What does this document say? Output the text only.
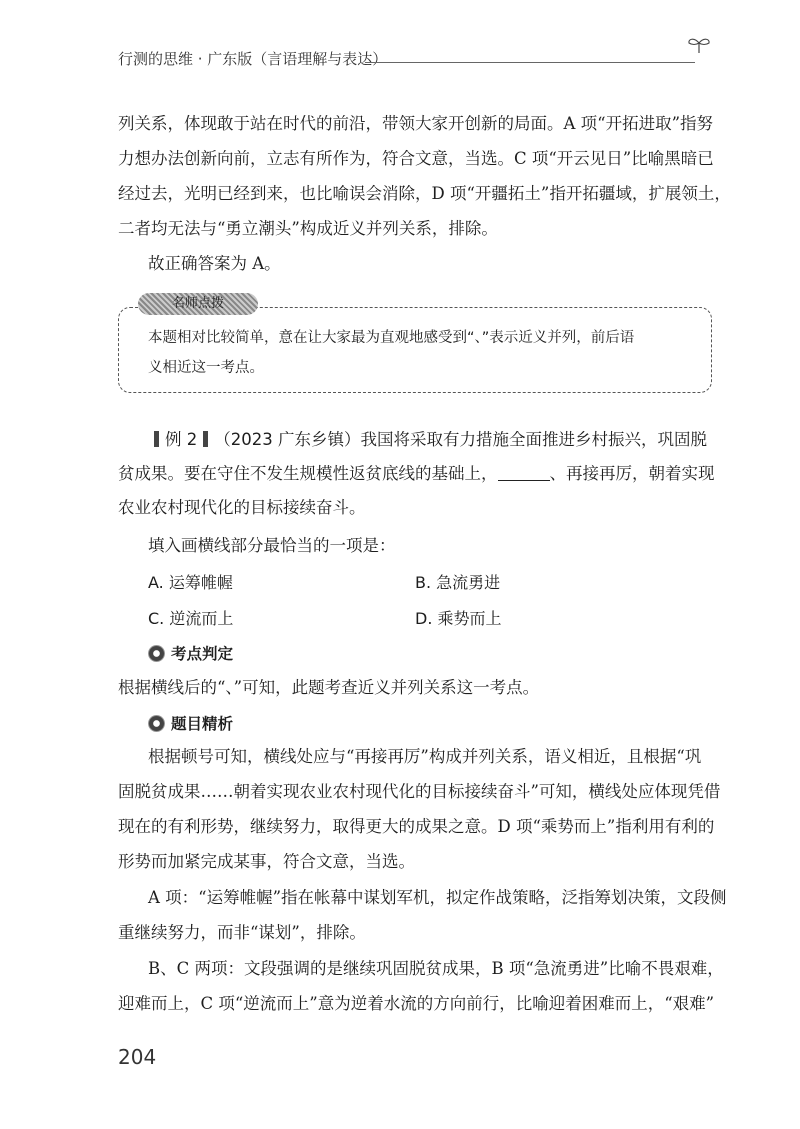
行测的思维 · 广东版（言语理解与表达）
列关系，体现敢于站在时代的前沿，带领大家开创新的局面。A 项“开拓进取”指努
力想办法创新向前，立志有所作为，符合文意，当选。C 项“开云见日”比喻黑暗已
经过去，光明已经到来，也比喻误会消除，D 项“开疆拓土”指开拓疆域，扩展领土，
二者均无法与“勇立潮头”构成近义并列关系，排除。
故正确答案为 A。
名师点拨
本题相对比较简单，意在让大家最为直观地感受到“、”表示近义并列，前后语
义相近这一考点。
例 2 （2023 广东乡镇）我国将采取有力措施全面推进乡村振兴，巩固脱
贫成果。要在守住不发生规模性返贫底线的基础上，	、再接再厉，朝着实现
农业农村现代化的目标接续奋斗。
填入画横线部分最恰当的一项是：
A. 运筹帷幄	B. 急流勇进
C. 逆流而上	D. 乘势而上
考点判定
根据横线后的“、”可知，此题考查近义并列关系这一考点。
题目精析
根据顿号可知，横线处应与“再接再厉”构成并列关系，语义相近，且根据“巩
固脱贫成果……朝着实现农业农村现代化的目标接续奋斗”可知，横线处应体现凭借
现在的有利形势，继续努力，取得更大的成果之意。D 项“乘势而上”指利用有利的
形势而加紧完成某事，符合文意，当选。
A 项：“运筹帷幄”指在帐幕中谋划军机，拟定作战策略，泛指筹划决策，文段侧
重继续努力，而非“谋划”，排除。
B、C 两项：文段强调的是继续巩固脱贫成果，B 项“急流勇进”比喻不畏艰难，
迎难而上，C 项“逆流而上”意为逆着水流的方向前行，比喻迎着困难而上，“艰难”
204
